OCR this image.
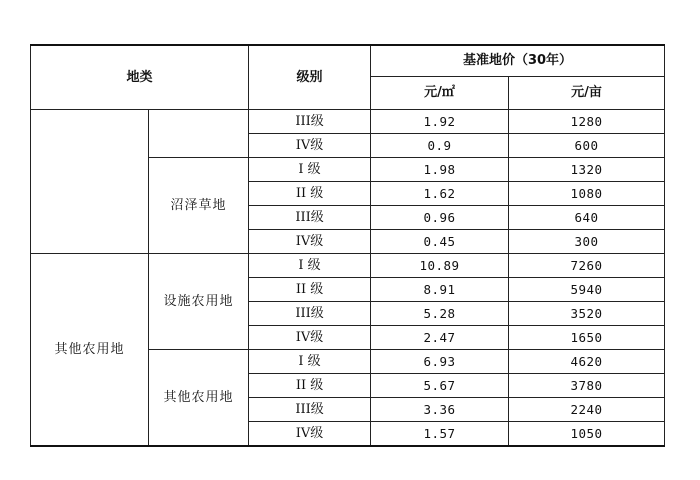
地类		级别	基准地价（30年）	
			元/㎡	元/亩
		III级	1.92	1280
		IV级	0.9	600
	沼泽草地	I 级	1.98	1320
		II 级	1.62	1080
		III级	0.96	640
		IV级	0.45	300
其他农用地	设施农用地	I 级	10.89	7260
		II 级	8.91	5940
		III级	5.28	3520
		IV级	2.47	1650
	其他农用地	I 级	6.93	4620
		II 级	5.67	3780
		III级	3.36	2240
		IV级	1.57	1050
